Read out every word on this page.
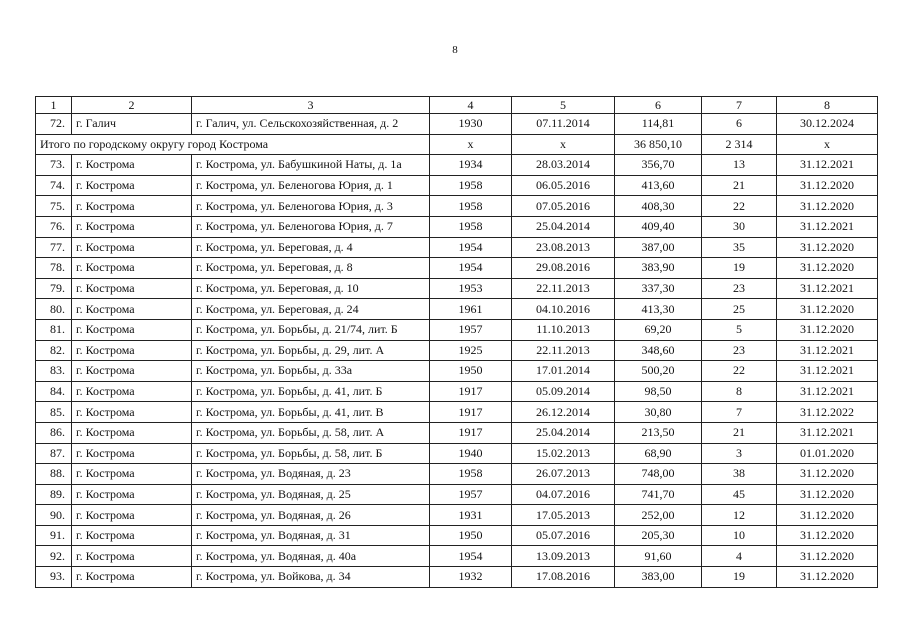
8
1	2	3	4	5	6	7	8
72.	г. Галич	г. Галич, ул. Сельскохозяйственная, д. 2	1930	07.11.2014	114,81	6	30.12.2024
Итого по городскому округу город Кострома			х	х	36 850,10	2 314	х
73.	г. Кострома	г. Кострома, ул. Бабушкиной Наты, д. 1а	1934	28.03.2014	356,70	13	31.12.2021
74.	г. Кострома	г. Кострома, ул. Беленогова Юрия, д. 1	1958	06.05.2016	413,60	21	31.12.2020
75.	г. Кострома	г. Кострома, ул. Беленогова Юрия, д. 3	1958	07.05.2016	408,30	22	31.12.2020
76.	г. Кострома	г. Кострома, ул. Беленогова Юрия, д. 7	1958	25.04.2014	409,40	30	31.12.2021
77.	г. Кострома	г. Кострома, ул. Береговая, д. 4	1954	23.08.2013	387,00	35	31.12.2020
78.	г. Кострома	г. Кострома, ул. Береговая, д. 8	1954	29.08.2016	383,90	19	31.12.2020
79.	г. Кострома	г. Кострома, ул. Береговая, д. 10	1953	22.11.2013	337,30	23	31.12.2021
80.	г. Кострома	г. Кострома, ул. Береговая, д. 24	1961	04.10.2016	413,30	25	31.12.2020
81.	г. Кострома	г. Кострома, ул. Борьбы, д. 21/74, лит. Б	1957	11.10.2013	69,20	5	31.12.2020
82.	г. Кострома	г. Кострома, ул. Борьбы, д. 29, лит. А	1925	22.11.2013	348,60	23	31.12.2021
83.	г. Кострома	г. Кострома, ул. Борьбы, д. 33а	1950	17.01.2014	500,20	22	31.12.2021
84.	г. Кострома	г. Кострома, ул. Борьбы, д. 41, лит. Б	1917	05.09.2014	98,50	8	31.12.2021
85.	г. Кострома	г. Кострома, ул. Борьбы, д. 41, лит. В	1917	26.12.2014	30,80	7	31.12.2022
86.	г. Кострома	г. Кострома, ул. Борьбы, д. 58, лит. А	1917	25.04.2014	213,50	21	31.12.2021
87.	г. Кострома	г. Кострома, ул. Борьбы, д. 58, лит. Б	1940	15.02.2013	68,90	3	01.01.2020
88.	г. Кострома	г. Кострома, ул. Водяная, д. 23	1958	26.07.2013	748,00	38	31.12.2020
89.	г. Кострома	г. Кострома, ул. Водяная, д. 25	1957	04.07.2016	741,70	45	31.12.2020
90.	г. Кострома	г. Кострома, ул. Водяная, д. 26	1931	17.05.2013	252,00	12	31.12.2020
91.	г. Кострома	г. Кострома, ул. Водяная, д. 31	1950	05.07.2016	205,30	10	31.12.2020
92.	г. Кострома	г. Кострома, ул. Водяная, д. 40а	1954	13.09.2013	91,60	4	31.12.2020
93.	г. Кострома	г. Кострома, ул. Войкова, д. 34	1932	17.08.2016	383,00	19	31.12.2020
